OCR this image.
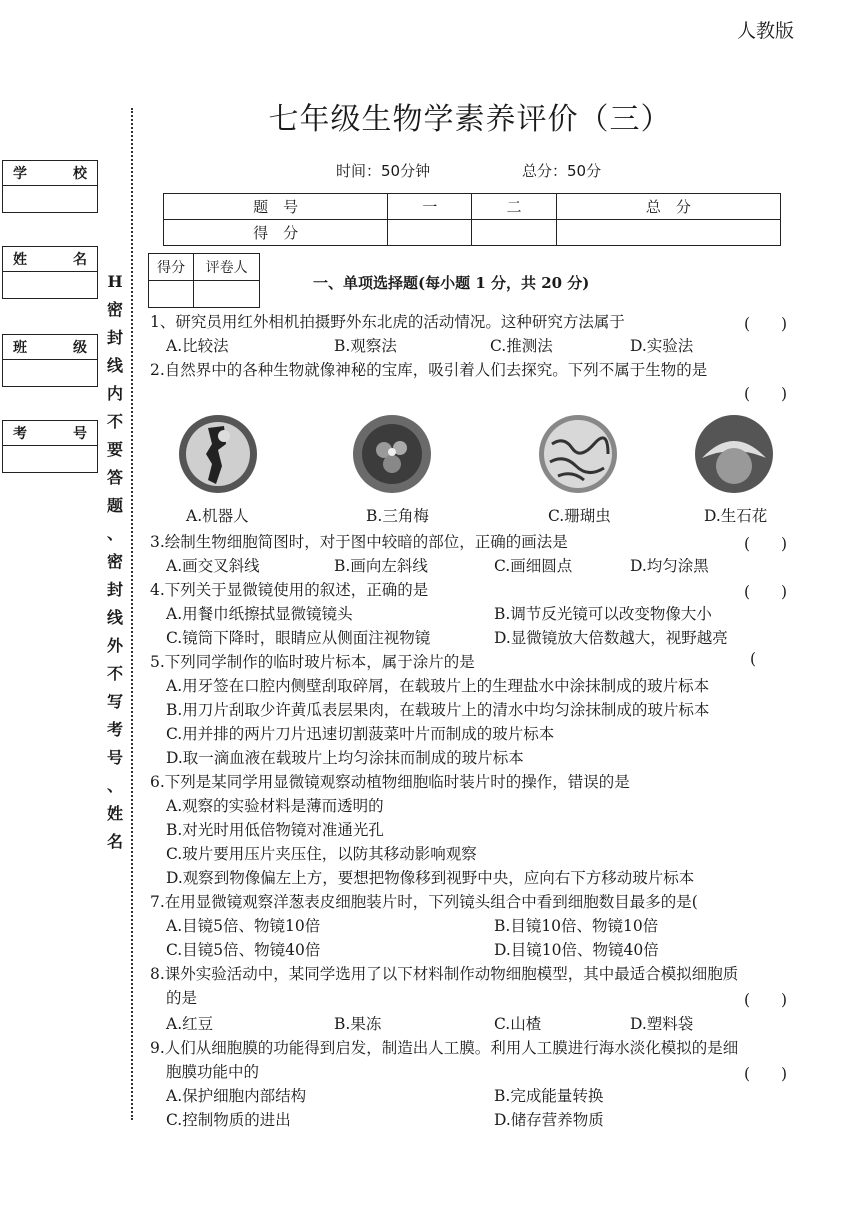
人教版
七年级生物学素养评价（三）
时间：50分钟	总分：50分
学	校
姓	名
班	级
考	号
H
密
封
线
内
不
要
答
题
、
密
封
线
外
不
写
考
号
、
姓
名
题　号	一	二	总　分
得　分			
得分	评卷人

一、单项选择题(每小题 1 分，共 20 分)
1、研究员用红外相机拍摄野外东北虎的活动情况。这种研究方法属于	(　　)
A.比较法	B.观察法	C.推测法	D.实验法
2.自然界中的各种生物就像神秘的宝库，吸引着人们去探究。下列不属于生物的是
(　　)
A.机器人	B.三角梅	C.珊瑚虫	D.生石花
3.绘制生物细胞简图时，对于图中较暗的部位，正确的画法是	(　　)
A.画交叉斜线	B.画向左斜线	C.画细圆点	D.均匀涂黑
4.下列关于显微镜使用的叙述，正确的是	(　　)
A.用餐巾纸擦拭显微镜镜头	B.调节反光镜可以改变物像大小
C.镜筒下降时，眼睛应从侧面注视物镜	D.显微镜放大倍数越大，视野越亮
5.下列同学制作的临时玻片标本，属于涂片的是	(
A.用牙签在口腔内侧壁刮取碎屑，在载玻片上的生理盐水中涂抹制成的玻片标本
B.用刀片刮取少许黄瓜表层果肉，在载玻片上的清水中均匀涂抹制成的玻片标本
C.用并排的两片刀片迅速切割菠菜叶片而制成的玻片标本
D.取一滴血液在载玻片上均匀涂抹而制成的玻片标本
6.下列是某同学用显微镜观察动植物细胞临时装片时的操作，错误的是
A.观察的实验材料是薄而透明的
B.对光时用低倍物镜对准通光孔
C.玻片要用压片夹压住，以防其移动影响观察
D.观察到物像偏左上方，要想把物像移到视野中央，应向右下方移动玻片标本
7.在用显微镜观察洋葱表皮细胞装片时，下列镜头组合中看到细胞数目最多的是(
A.目镜5倍、物镜10倍	B.目镜10倍、物镜10倍
C.目镜5倍、物镜40倍	D.目镜10倍、物镜40倍
8.课外实验活动中，某同学选用了以下材料制作动物细胞模型，其中最适合模拟细胞质
的是	(　　)
A.红豆	B.果冻	C.山楂	D.塑料袋
9.人们从细胞膜的功能得到启发，制造出人工膜。利用人工膜进行海水淡化模拟的是细
胞膜功能中的	(　　)
A.保护细胞内部结构	B.完成能量转换
C.控制物质的进出	D.储存营养物质
